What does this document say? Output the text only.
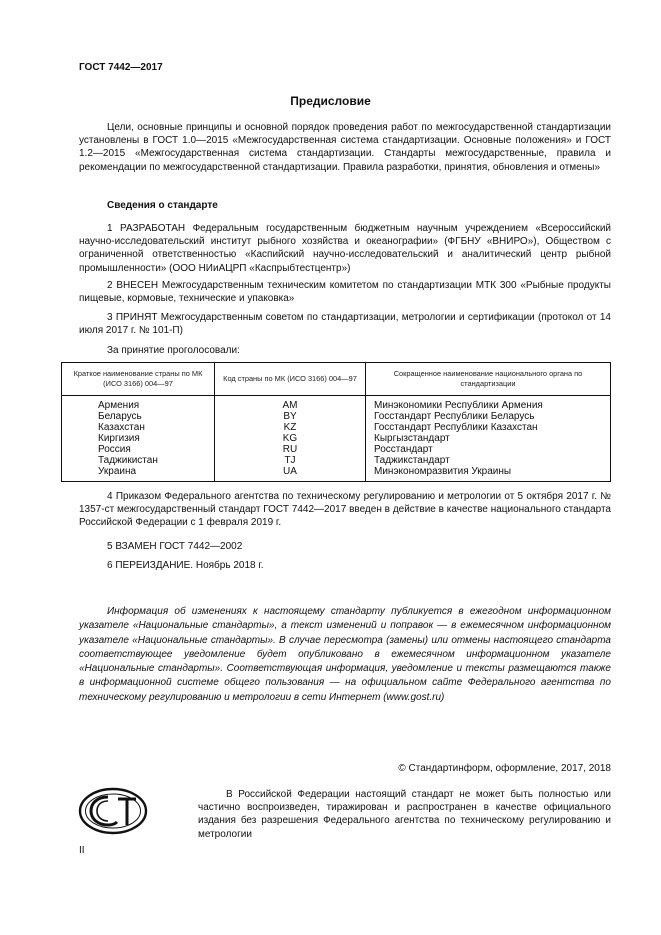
ГОСТ 7442—2017
Предисловие

Цели, основные принципы и основной порядок проведения работ по межгосударственной стандартизации установлены в ГОСТ 1.0—2015 «Межгосударственная система стандартизации. Основные положения» и ГОСТ 1.2—2015 «Межгосударственная система стандартизации. Стандарты межгосударственные, правила и рекомендации по межгосударственной стандартизации. Правила разработки, принятия, обновления и отмены»

Сведения о стандарте

1 РАЗРАБОТАН Федеральным государственным бюджетным научным учреждением «Всероссийский научно-исследовательский институт рыбного хозяйства и океанографии» (ФГБНУ «ВНИРО»), Обществом с ограниченной ответственностью «Каспийский научно-исследовательский и аналитический центр рыбной промышленности» (ООО НИиАЦРП «Каспрыбтестцентр»)

2 ВНЕСЕН Межгосударственным техническим комитетом по стандартизации МТК 300 «Рыбные продукты пищевые, кормовые, технические и упаковка»

3 ПРИНЯТ Межгосударственным советом по стандартизации, метрологии и сертификации (протокол от 14 июля 2017 г. № 101-П)

За принятие проголосовали:

Краткое наименование страны по МК (ИСО 3166) 004—97	Код страны по МК (ИСО 3166) 004—97	Сокращенное наименование национального органа по стандартизации
Армения	AM	Минэкономики Республики Армения
Беларусь	BY	Госстандарт Республики Беларусь
Казахстан	KZ	Госстандарт Республики Казахстан
Киргизия	KG	Кыргызстандарт
Россия	RU	Росстандарт
Таджикистан	TJ	Таджикстандарт
Украина	UA	Минэкономразвития Украины

4 Приказом Федерального агентства по техническому регулированию и метрологии от 5 октября 2017 г. № 1357-ст межгосударственный стандарт ГОСТ 7442—2017 введен в действие в качестве национального стандарта Российской Федерации с 1 февраля 2019 г.

5 ВЗАМЕН ГОСТ 7442—2002

6 ПЕРЕИЗДАНИЕ. Ноябрь 2018 г.

Информация об изменениях к настоящему стандарту публикуется в ежегодном информационном указателе «Национальные стандарты», а текст изменений и поправок — в ежемесячном информационном указателе «Национальные стандарты». В случае пересмотра (замены) или отмены настоящего стандарта соответствующее уведомление будет опубликовано в ежемесячном информационном указателе «Национальные стандарты». Соответствующая информация, уведомление и тексты размещаются также в информационной системе общего пользования — на официальном сайте Федерального агентства по техническому регулированию и метрологии в сети Интернет (www.gost.ru)

© Стандартинформ, оформление, 2017, 2018

В Российской Федерации настоящий стандарт не может быть полностью или частично воспроизведен, тиражирован и распространен в качестве официального издания без разрешения Федерального агентства по техническому регулированию и метрологии

II
